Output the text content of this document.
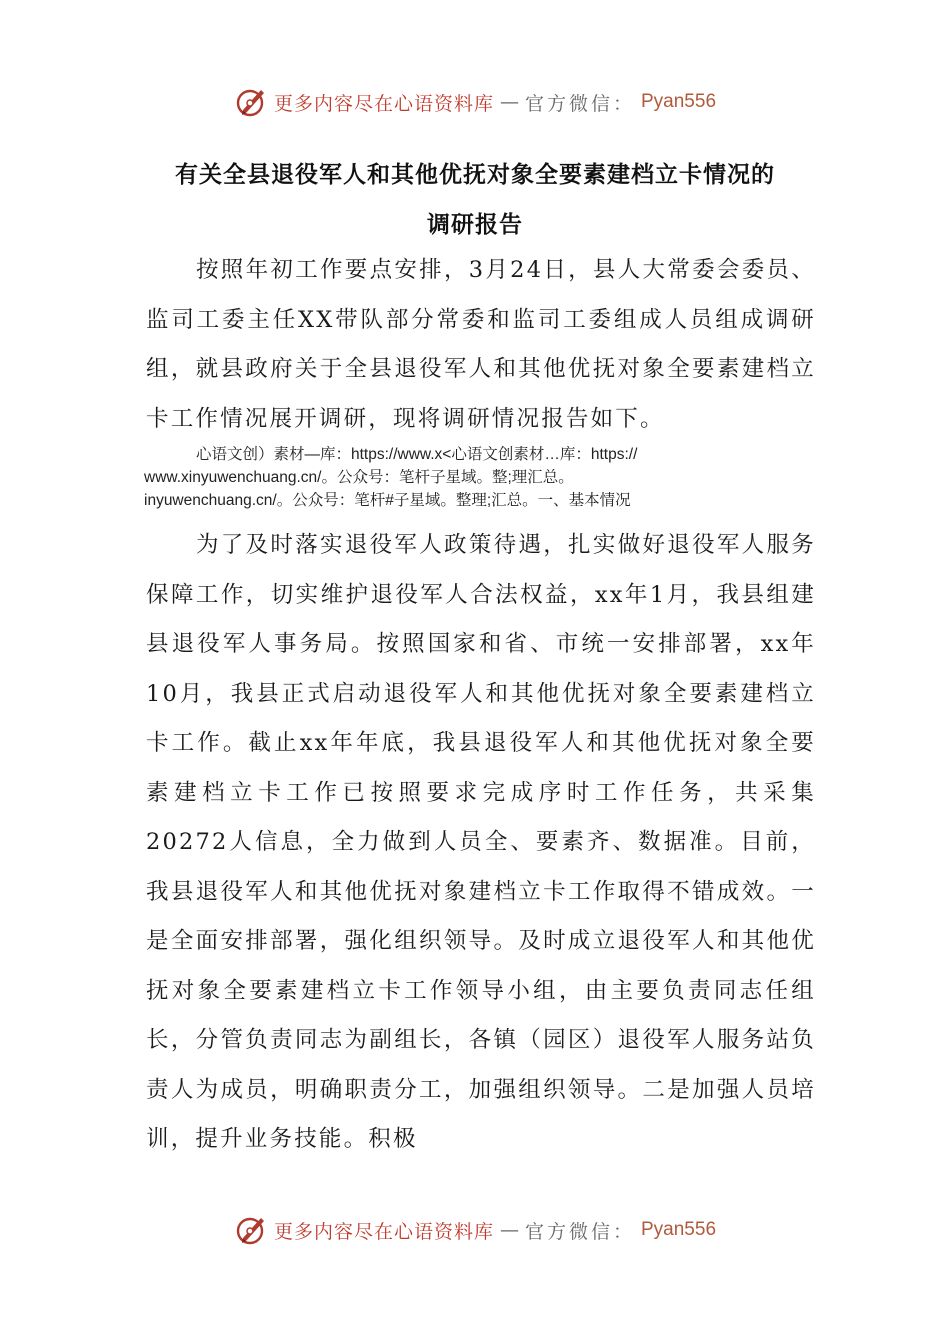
更多内容尽在心语资料库 — 官方微信： Pyan556
有关全县退役军人和其他优抚对象全要素建档立卡情况的
调研报告
按照年初工作要点安排，3月24日，县人大常委会委员、监司工委主任XX带队部分常委和监司工委组成人员组成调研组，就县政府关于全县退役军人和其他优抚对象全要素建档立卡工作情况展开调研，现将调研情况报告如下。
心语文创）素材—库：https://www.x<心语文创素材…库：https://
www.xinyuwenchuang.cn/。公众号：笔杆子星域。整;理汇总。
inyuwenchuang.cn/。公众号：笔杆#子星域。整理;汇总。一、基本情况
为了及时落实退役军人政策待遇，扎实做好退役军人服务保障工作，切实维护退役军人合法权益，xx年1月，我县组建县退役军人事务局。按照国家和省、市统一安排部署，xx年10月，我县正式启动退役军人和其他优抚对象全要素建档立卡工作。截止xx年年底，我县退役军人和其他优抚对象全要素建档立卡工作已按照要求完成序时工作任务，共采集20272人信息，全力做到人员全、要素齐、数据准。目前，我县退役军人和其他优抚对象建档立卡工作取得不错成效。一是全面安排部署，强化组织领导。及时成立退役军人和其他优抚对象全要素建档立卡工作领导小组，由主要负责同志任组长，分管负责同志为副组长，各镇（园区）退役军人服务站负责人为成员，明确职责分工，加强组织领导。二是加强人员培训，提升业务技能。积极
更多内容尽在心语资料库 — 官方微信： Pyan556
